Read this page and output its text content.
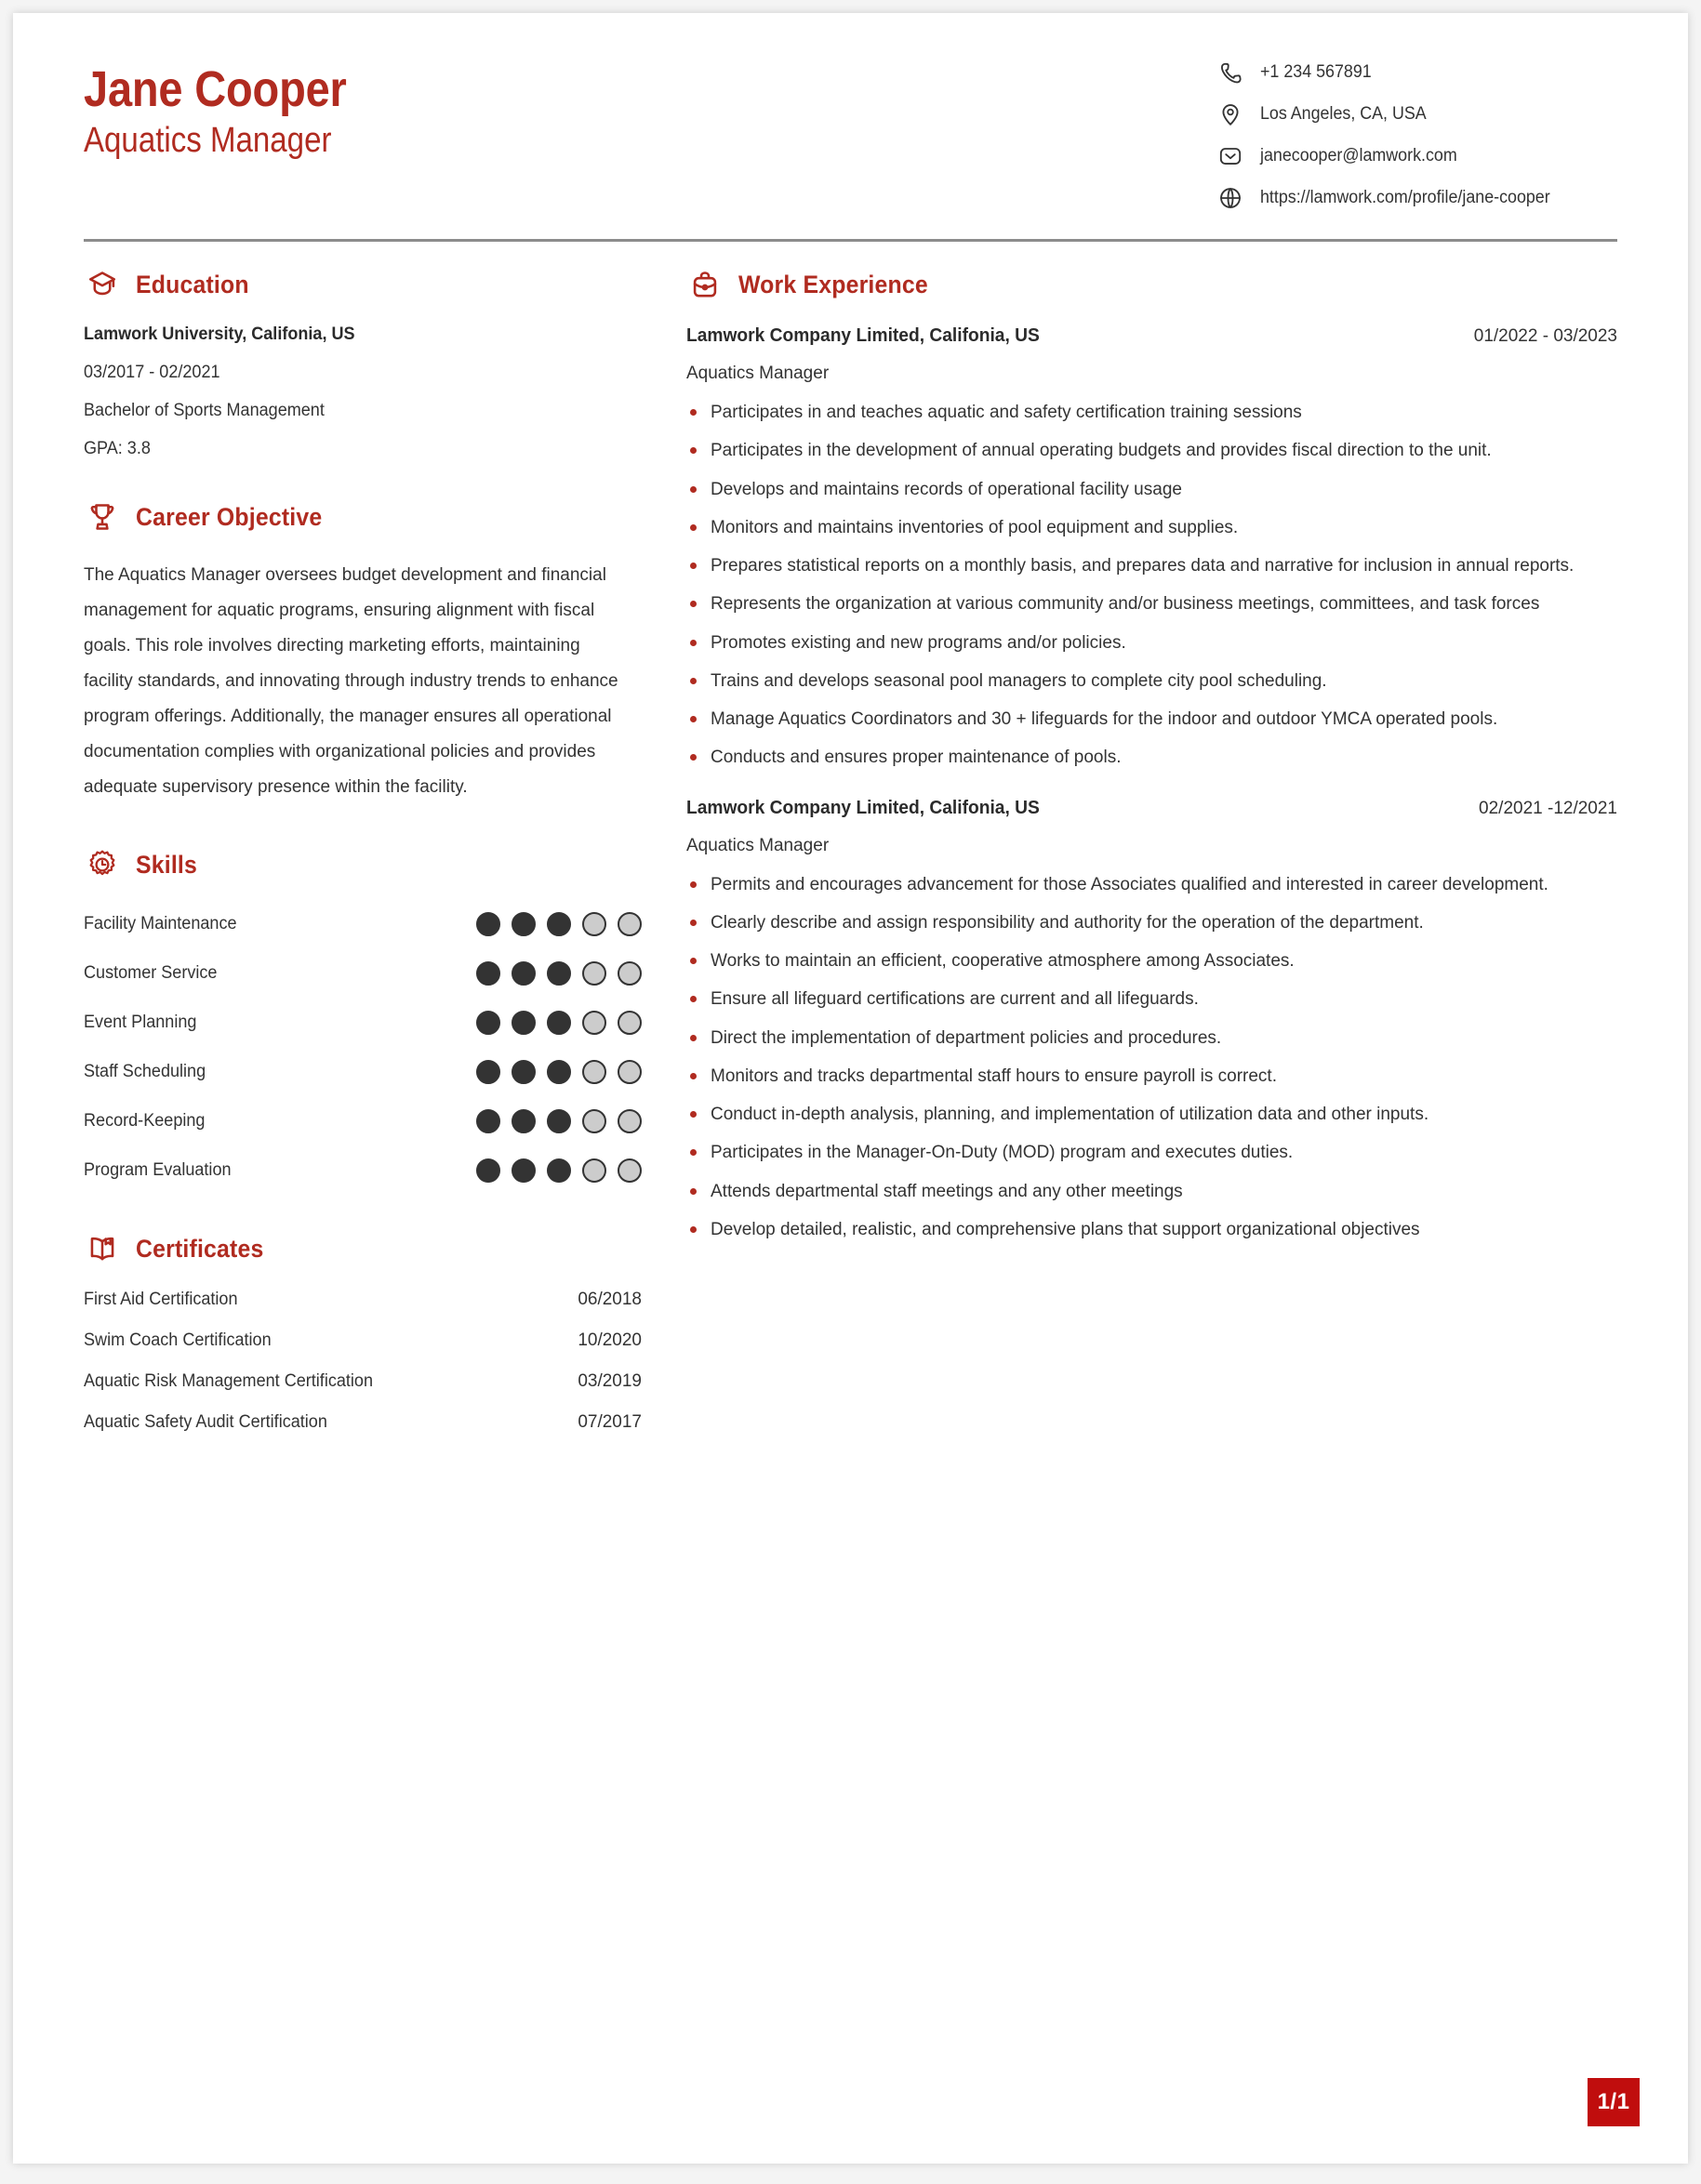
Jane Cooper
Aquatics Manager
+1 234 567891
Los Angeles, CA, USA
janecooper@lamwork.com
https://lamwork.com/profile/jane-cooper
Education
Lamwork University, Califonia, US
03/2017 - 02/2021
Bachelor of Sports Management
GPA: 3.8
Career Objective
The Aquatics Manager oversees budget development and financial management for aquatic programs, ensuring alignment with fiscal goals. This role involves directing marketing efforts, maintaining facility standards, and innovating through industry trends to enhance program offerings. Additionally, the manager ensures all operational documentation complies with organizational policies and provides adequate supervisory presence within the facility.
Skills
Facility Maintenance
Customer Service
Event Planning
Staff Scheduling
Record-Keeping
Program Evaluation
Certificates
First Aid Certification	06/2018
Swim Coach Certification	10/2020
Aquatic Risk Management Certification	03/2019
Aquatic Safety Audit Certification	07/2017
Work Experience
Lamwork Company Limited, Califonia, US	01/2022 - 03/2023
Aquatics Manager
Participates in and teaches aquatic and safety certification training sessions
Participates in the development of annual operating budgets and provides fiscal direction to the unit.
Develops and maintains records of operational facility usage
Monitors and maintains inventories of pool equipment and supplies.
Prepares statistical reports on a monthly basis, and prepares data and narrative for inclusion in annual reports.
Represents the organization at various community and/or business meetings, committees, and task forces
Promotes existing and new programs and/or policies.
Trains and develops seasonal pool managers to complete city pool scheduling.
Manage Aquatics Coordinators and 30 + lifeguards for the indoor and outdoor YMCA operated pools.
Conducts and ensures proper maintenance of pools.
Lamwork Company Limited, Califonia, US	02/2021 -12/2021
Aquatics Manager
Permits and encourages advancement for those Associates qualified and interested in career development.
Clearly describe and assign responsibility and authority for the operation of the department.
Works to maintain an efficient, cooperative atmosphere among Associates.
Ensure all lifeguard certifications are current and all lifeguards.
Direct the implementation of department policies and procedures.
Monitors and tracks departmental staff hours to ensure payroll is correct.
Conduct in-depth analysis, planning, and implementation of utilization data and other inputs.
Participates in the Manager-On-Duty (MOD) program and executes duties.
Attends departmental staff meetings and any other meetings
Develop detailed, realistic, and comprehensive plans that support organizational objectives
1/1
